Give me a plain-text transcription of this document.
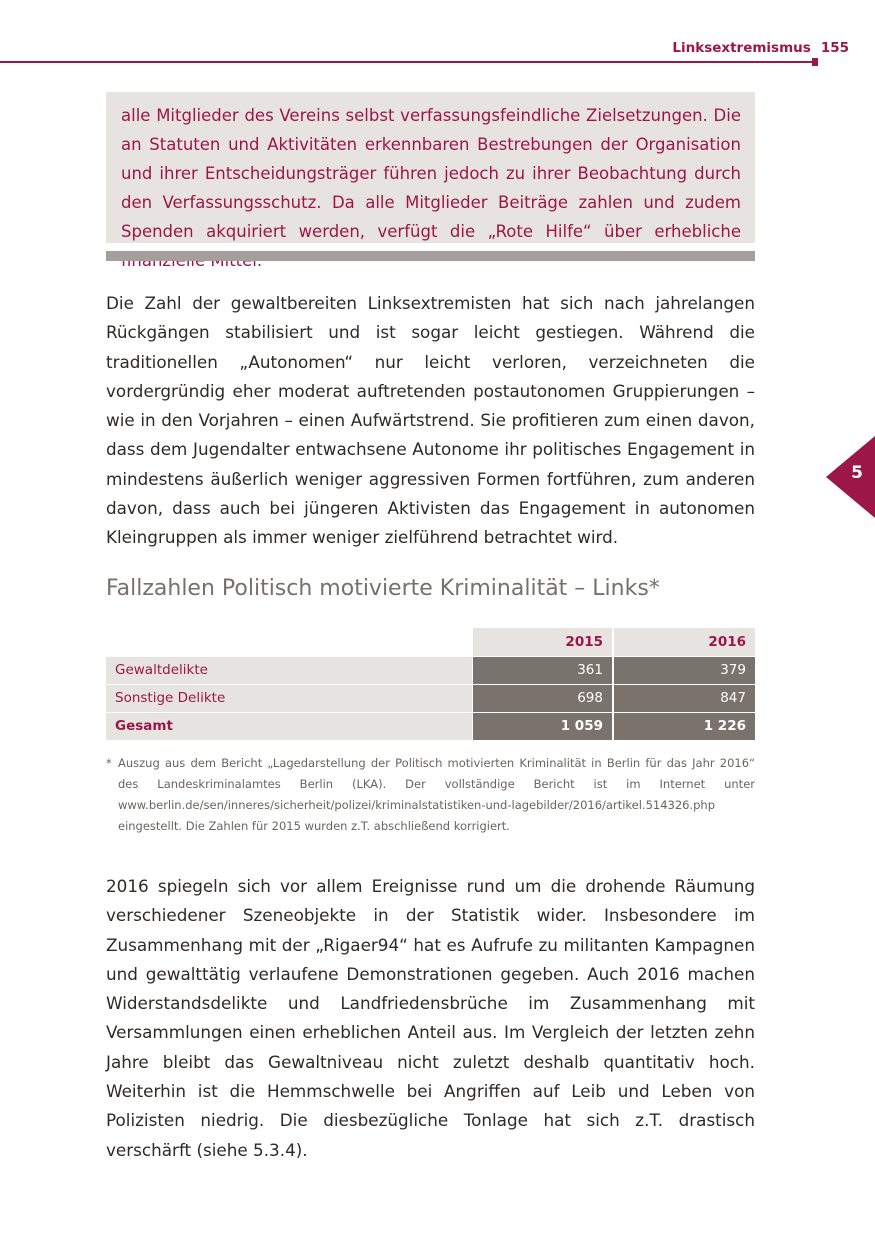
Linksextremismus 155
alle Mitglieder des Vereins selbst verfassungsfeindliche Zielsetzungen. Die an Statuten und Aktivitäten erkennbaren Bestrebungen der Organisation und ihrer Entscheidungsträger führen jedoch zu ihrer Beobachtung durch den Verfassungsschutz. Da alle Mitglieder Beiträge zahlen und zudem Spenden akquiriert werden, verfügt die „Rote Hilfe“ über erhebliche

Die Zahl der gewaltbereiten Linksextremisten hat sich nach jahrelangen Rückgängen stabilisiert und ist sogar leicht gestiegen. Während die traditionellen „Autonomen“ nur leicht verloren, verzeichneten die vordergründig eher moderat auftretenden postautonomen Gruppierungen – wie in den Vorjahren – einen Aufwärtstrend. Sie profitieren zum einen davon, dass dem Jugendalter entwachsene Autonome ihr politisches Engagement in mindestens äußerlich weniger aggressiven Formen fortführen, zum anderen davon, dass auch bei jüngeren Aktivisten das Engagement in autonomen Kleingruppen als immer weniger zielführend betrachtet wird.

5
Fallzahlen Politisch motivierte Kriminalität – Links*
	2015	2016
Gewaltdelikte	361	379
Sonstige Delikte	698	847
Gesamt	1 059	1 226
* Auszug aus dem Bericht „Lagedarstellung der Politisch motivierten Kriminalität in Berlin für das Jahr 2016“ des Landeskriminalamtes Berlin (LKA). Der vollständige Bericht ist im Internet unter www.berlin.de/sen/inneres/sicherheit/polizei/kriminalstatistiken-und-lagebilder/2016/artikel.514326.php eingestellt. Die Zahlen für 2015 wurden z.T. abschließend korrigiert.

2016 spiegeln sich vor allem Ereignisse rund um die drohende Räumung verschiedener Szeneobjekte in der Statistik wider. Insbesondere im Zusammenhang mit der „Rigaer94“ hat es Aufrufe zu militanten Kampagnen und gewalttätig verlaufene Demonstrationen gegeben. Auch 2016 machen Widerstandsdelikte und Landfriedensbrüche im Zusammenhang mit Versammlungen einen erheblichen Anteil aus. Im Vergleich der letzten zehn Jahre bleibt das Gewaltniveau nicht zuletzt deshalb quantitativ hoch. Weiterhin ist die Hemmschwelle bei Angriffen auf Leib und Leben von Polizisten niedrig. Die diesbezügliche Tonlage hat sich z.T. drastisch verschärft (siehe 5.3.4).
